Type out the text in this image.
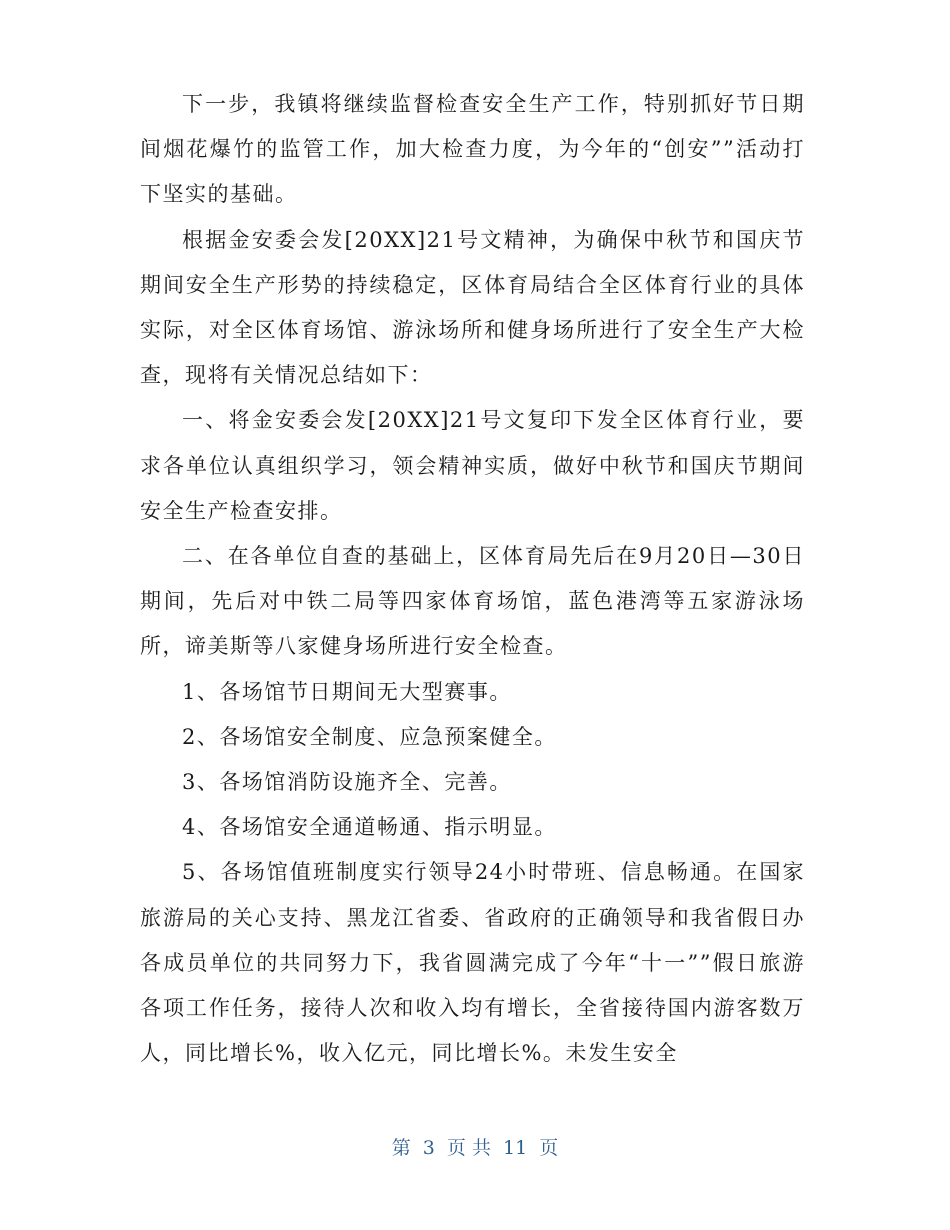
下一步，我镇将继续监督检查安全生产工作，特别抓好节日期间烟花爆竹的监管工作，加大检查力度，为今年的“创安””活动打下坚实的基础。

根据金安委会发[20XX]21号文精神，为确保中秋节和国庆节期间安全生产形势的持续稳定，区体育局结合全区体育行业的具体实际，对全区体育场馆、游泳场所和健身场所进行了安全生产大检查，现将有关情况总结如下：

一、将金安委会发[20XX]21号文复印下发全区体育行业，要求各单位认真组织学习，领会精神实质，做好中秋节和国庆节期间安全生产检查安排。

二、在各单位自查的基础上，区体育局先后在9月20日—30日期间，先后对中铁二局等四家体育场馆，蓝色港湾等五家游泳场所，谛美斯等八家健身场所进行安全检查。

1、各场馆节日期间无大型赛事。

2、各场馆安全制度、应急预案健全。

3、各场馆消防设施齐全、完善。

4、各场馆安全通道畅通、指示明显。

5、各场馆值班制度实行领导24小时带班、信息畅通。在国家旅游局的关心支持、黑龙江省委、省政府的正确领导和我省假日办各成员单位的共同努力下，我省圆满完成了今年“十一””假日旅游各项工作任务，接待人次和收入均有增长，全省接待国内游客数万人，同比增长%，收入亿元，同比增长%。未发生安全

第 3 页 共 11 页
